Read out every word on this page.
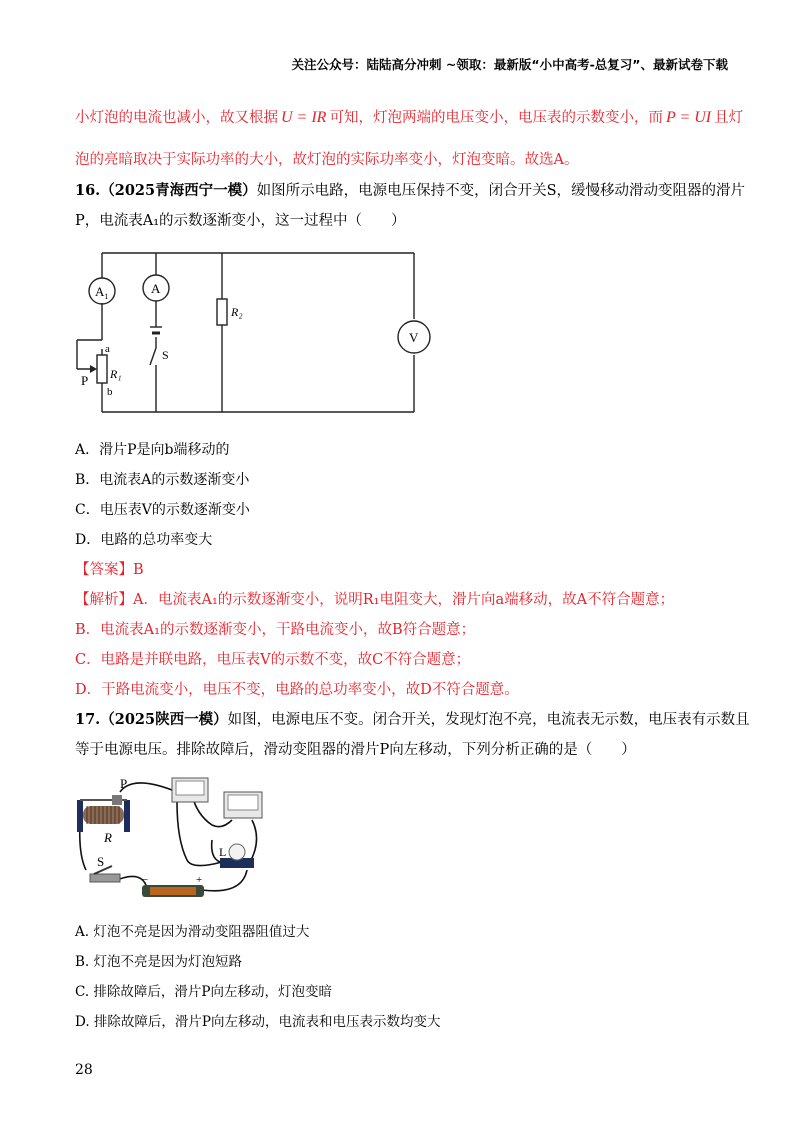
关注公众号：陆陆高分冲刺 ~领取：最新版“小中高考-总复习”、最新试卷下载
小灯泡的电流也减小，故又根据 U = IR 可知，灯泡两端的电压变小，电压表的示数变小，而 P = UI 且灯
泡的亮暗取决于实际功率的大小，故灯泡的实际功率变小，灯泡变暗。故选A。
16.（2025青海西宁一模）如图所示电路，电源电压保持不变，闭合开关S，缓慢移动滑动变阻器的滑片
P，电流表A₁的示数逐渐变小，这一过程中（　　）
$A_1$
A
V
R₂
R₁
S
P
a
b
A．滑片P是向b端移动的
B．电流表A的示数逐渐变小
C．电压表V的示数逐渐变小
D．电路的总功率变大
【答案】B
【解析】A．电流表A₁的示数逐渐变小，说明R₁电阻变大，滑片向a端移动，故A不符合题意；
B．电流表A₁的示数逐渐变小，干路电流变小，故B符合题意；
C．电路是并联电路，电压表V的示数不变，故C不符合题意；
D．干路电流变小，电压不变，电路的总功率变小，故D不符合题意。
17.（2025陕西一模）如图，电源电压不变。闭合开关，发现灯泡不亮，电流表无示数，电压表有示数且
等于电源电压。排除故障后，滑动变阻器的滑片P向左移动，下列分析正确的是（　　）
P
R
S
L
−	+
A. 灯泡不亮是因为滑动变阻器阻值过大
B. 灯泡不亮是因为灯泡短路
C. 排除故障后，滑片P向左移动，灯泡变暗
D. 排除故障后，滑片P向左移动，电流表和电压表示数均变大
28
